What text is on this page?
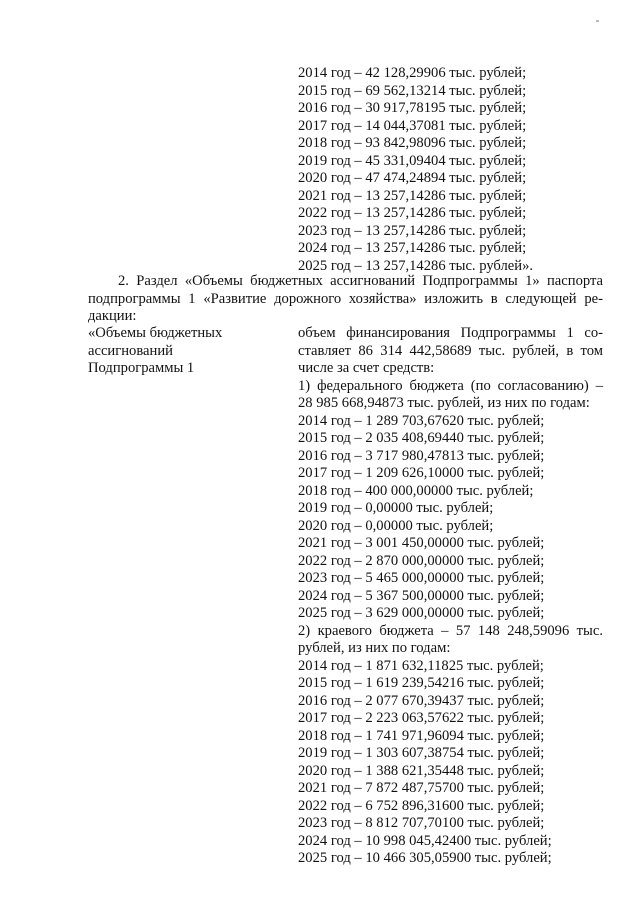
2014 год – 42 128,29906 тыс. рублей;
2015 год – 69 562,13214 тыс. рублей;
2016 год – 30 917,78195 тыс. рублей;
2017 год – 14 044,37081 тыс. рублей;
2018 год – 93 842,98096 тыс. рублей;
2019 год – 45 331,09404 тыс. рублей;
2020 год – 47 474,24894 тыс. рублей;
2021 год – 13 257,14286 тыс. рублей;
2022 год – 13 257,14286 тыс. рублей;
2023 год – 13 257,14286 тыс. рублей;
2024 год – 13 257,14286 тыс. рублей;
2025 год – 13 257,14286 тыс. рублей».
2. Раздел «Объемы бюджетных ассигнований Подпрограммы 1» паспорта
подпрограммы 1 «Развитие дорожного хозяйства» изложить в следующей ре-
дакции:
«Объемы бюджетных
ассигнований
Подпрограммы 1
объем финансирования Подпрограммы 1 со-
ставляет 86 314 442,58689 тыс. рублей, в том
числе за счет средств:
1) федерального бюджета (по согласованию) –
28 985 668,94873 тыс. рублей, из них по годам:
2014 год – 1 289 703,67620 тыс. рублей;
2015 год – 2 035 408,69440 тыс. рублей;
2016 год – 3 717 980,47813 тыс. рублей;
2017 год – 1 209 626,10000 тыс. рублей;
2018 год – 400 000,00000 тыс. рублей;
2019 год – 0,00000 тыс. рублей;
2020 год – 0,00000 тыс. рублей;
2021 год – 3 001 450,00000 тыс. рублей;
2022 год – 2 870 000,00000 тыс. рублей;
2023 год – 5 465 000,00000 тыс. рублей;
2024 год – 5 367 500,00000 тыс. рублей;
2025 год – 3 629 000,00000 тыс. рублей;
2) краевого бюджета – 57 148 248,59096 тыс.
рублей, из них по годам:
2014 год – 1 871 632,11825 тыс. рублей;
2015 год – 1 619 239,54216 тыс. рублей;
2016 год – 2 077 670,39437 тыс. рублей;
2017 год – 2 223 063,57622 тыс. рублей;
2018 год – 1 741 971,96094 тыс. рублей;
2019 год – 1 303 607,38754 тыс. рублей;
2020 год – 1 388 621,35448 тыс. рублей;
2021 год – 7 872 487,75700 тыс. рублей;
2022 год – 6 752 896,31600 тыс. рублей;
2023 год – 8 812 707,70100 тыс. рублей;
2024 год – 10 998 045,42400 тыс. рублей;
2025 год – 10 466 305,05900 тыс. рублей;
